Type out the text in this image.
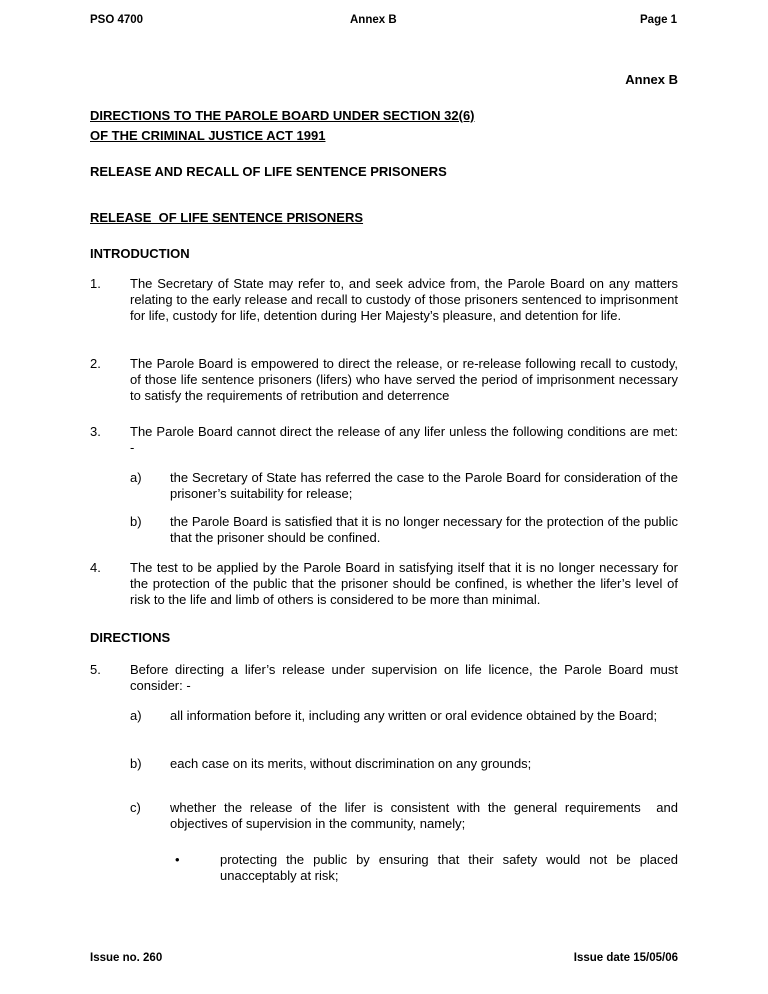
PSO 4700	Annex B	Page 1
Annex B
DIRECTIONS TO THE PAROLE BOARD UNDER SECTION 32(6)
OF THE CRIMINAL JUSTICE ACT 1991
RELEASE AND RECALL OF LIFE SENTENCE PRISONERS
RELEASE  OF LIFE SENTENCE PRISONERS
INTRODUCTION
1. The Secretary of State may refer to, and seek advice from, the Parole Board on any matters relating to the early release and recall to custody of those prisoners sentenced to imprisonment for life, custody for life, detention during Her Majesty’s pleasure, and detention for life.
2. The Parole Board is empowered to direct the release, or re-release following recall to custody, of those life sentence prisoners (lifers) who have served the period of imprisonment necessary to satisfy the requirements of retribution and deterrence
3. The Parole Board cannot direct the release of any lifer unless the following conditions are met: -
a) the Secretary of State has referred the case to the Parole Board for consideration of the prisoner’s suitability for release;
b) the Parole Board is satisfied that it is no longer necessary for the protection of the public that the prisoner should be confined.
4. The test to be applied by the Parole Board in satisfying itself that it is no longer necessary for the protection of the public that the prisoner should be confined, is whether the lifer’s level of risk to the life and limb of others is considered to be more than minimal.
DIRECTIONS
5. Before directing a lifer’s release under supervision on life licence, the Parole Board must consider: -
a) all information before it, including any written or oral evidence obtained by the Board;
b) each case on its merits, without discrimination on any grounds;
c) whether the release of the lifer is consistent with the general requirements  and objectives of supervision in the community, namely;
•	protecting the public by ensuring that their safety would not be placed unacceptably at risk;
Issue no. 260	Issue date 15/05/06
